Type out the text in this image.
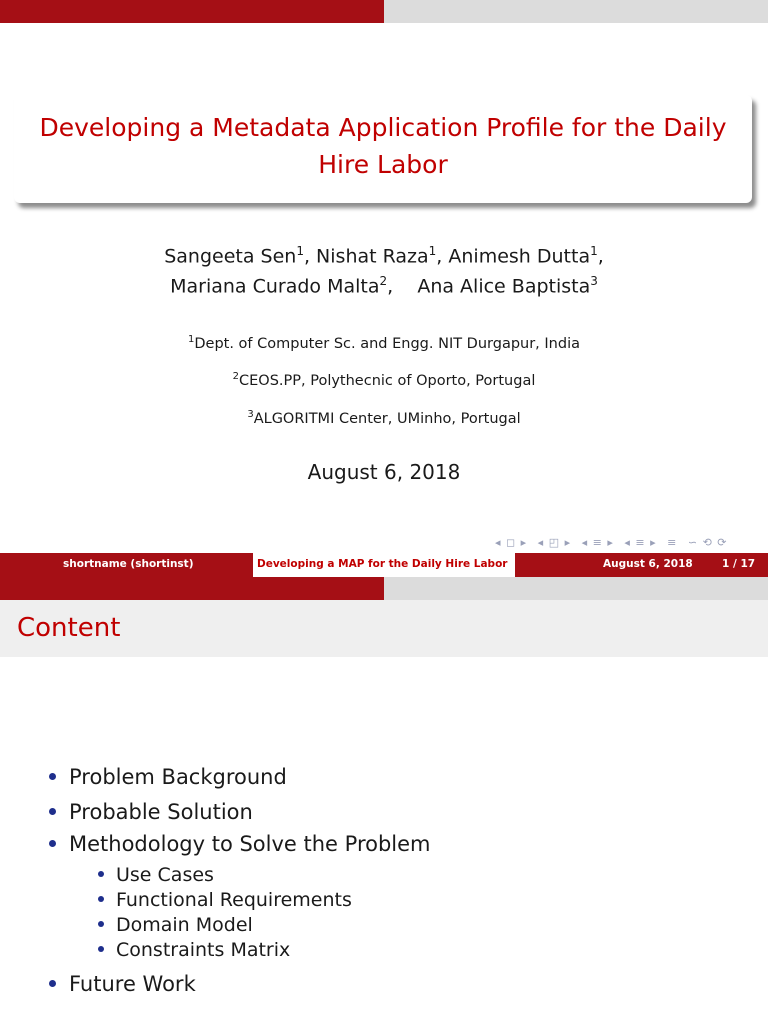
Developing a Metadata Application Profile for the Daily Hire Labor
Sangeeta Sen$^1$, Nishat Raza$^1$, Animesh Dutta$^1$,
Mariana Curado Malta$^2$,    Ana Alice Baptista$^3$
$^1$Dept. of Computer Sc. and Engg. NIT Durgapur, India
$^2$CEOS.PP, Polythecnic of Oporto, Portugal
$^3$ALGORITMI Center, UMinho, Portugal
August 6, 2018
◂ ◻ ▸ ◂ ◰ ▸ ◂ ≡ ▸ ◂ ≡ ▸ ≡ ∽ ⟲ ⟳
shortname (shortinst)	Developing a MAP for the Daily Hire Labor	August 6, 2018	1 / 17
Content
Problem Background
Probable Solution
Methodology to Solve the Problem
Use Cases
Functional Requirements
Domain Model
Constraints Matrix
Future Work
